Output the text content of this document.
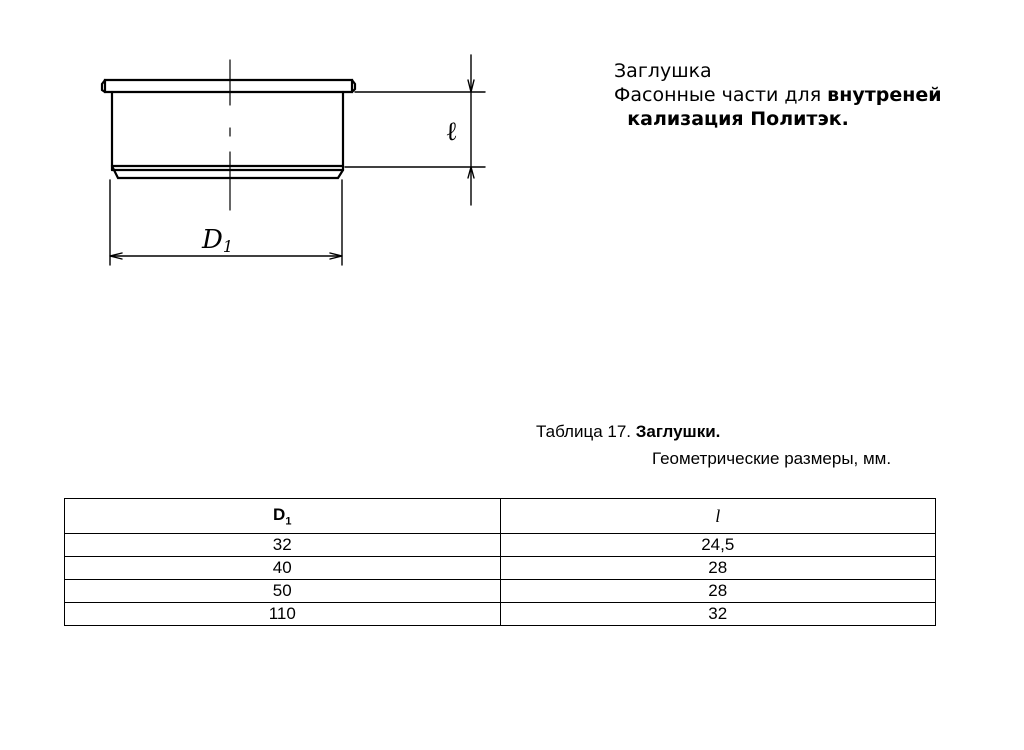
D1
ℓ
Заглушка
Фасонные части для внутреней
кализация Политэк.
Таблица 17. Заглушки.
Геометрические размеры, мм.
$D_1$	l
32	24,5
40	28
50	28
110	32
